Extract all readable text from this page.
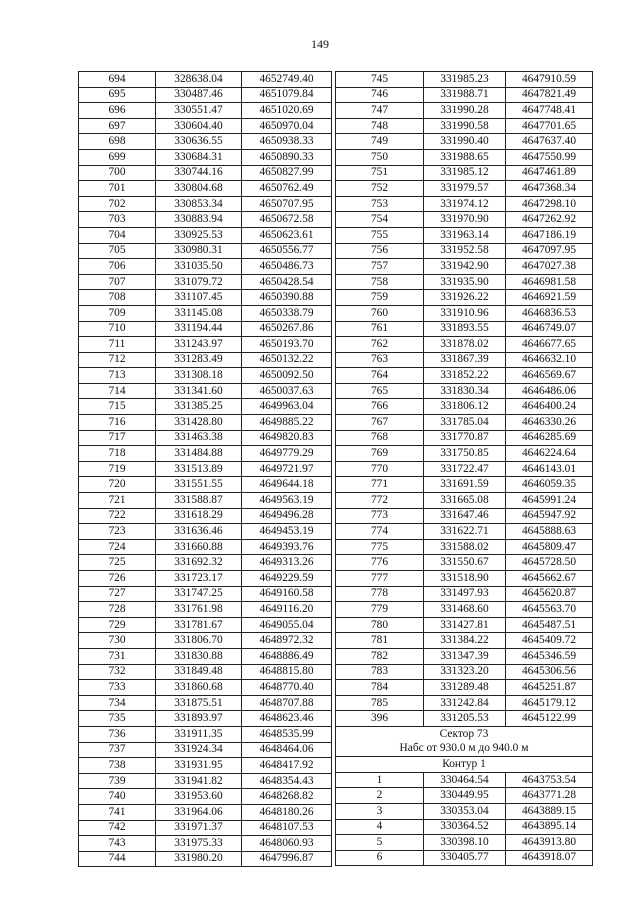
149
694	328638.04	4652749.40
695	330487.46	4651079.84
696	330551.47	4651020.69
697	330604.40	4650970.04
698	330636.55	4650938.33
699	330684.31	4650890.33
700	330744.16	4650827.99
701	330804.68	4650762.49
702	330853.34	4650707.95
703	330883.94	4650672.58
704	330925.53	4650623.61
705	330980.31	4650556.77
706	331035.50	4650486.73
707	331079.72	4650428.54
708	331107.45	4650390.88
709	331145.08	4650338.79
710	331194.44	4650267.86
711	331243.97	4650193.70
712	331283.49	4650132.22
713	331308.18	4650092.50
714	331341.60	4650037.63
715	331385.25	4649963.04
716	331428.80	4649885.22
717	331463.38	4649820.83
718	331484.88	4649779.29
719	331513.89	4649721.97
720	331551.55	4649644.18
721	331588.87	4649563.19
722	331618.29	4649496.28
723	331636.46	4649453.19
724	331660.88	4649393.76
725	331692.32	4649313.26
726	331723.17	4649229.59
727	331747.25	4649160.58
728	331761.98	4649116.20
729	331781.67	4649055.04
730	331806.70	4648972.32
731	331830.88	4648886.49
732	331849.48	4648815.80
733	331860.68	4648770.40
734	331875.51	4648707.88
735	331893.97	4648623.46
736	331911.35	4648535.99
737	331924.34	4648464.06
738	331931.95	4648417.92
739	331941.82	4648354.43
740	331953.60	4648268.82
741	331964.06	4648180.26
742	331971.37	4648107.53
743	331975.33	4648060.93
744	331980.20	4647996.87
745	331985.23	4647910.59
746	331988.71	4647821.49
747	331990.28	4647748.41
748	331990.58	4647701.65
749	331990.40	4647637.40
750	331988.65	4647550.99
751	331985.12	4647461.89
752	331979.57	4647368.34
753	331974.12	4647298.10
754	331970.90	4647262.92
755	331963.14	4647186.19
756	331952.58	4647097.95
757	331942.90	4647027.38
758	331935.90	4646981.58
759	331926.22	4646921.59
760	331910.96	4646836.53
761	331893.55	4646749.07
762	331878.02	4646677.65
763	331867.39	4646632.10
764	331852.22	4646569.67
765	331830.34	4646486.06
766	331806.12	4646400.24
767	331785.04	4646330.26
768	331770.87	4646285.69
769	331750.85	4646224.64
770	331722.47	4646143.01
771	331691.59	4646059.35
772	331665.08	4645991.24
773	331647.46	4645947.92
774	331622.71	4645888.63
775	331588.02	4645809.47
776	331550.67	4645728.50
777	331518.90	4645662.67
778	331497.93	4645620.87
779	331468.60	4645563.70
780	331427.81	4645487.51
781	331384.22	4645409.72
782	331347.39	4645346.59
783	331323.20	4645306.56
784	331289.48	4645251.87
785	331242.84	4645179.12
396	331205.53	4645122.99
Сектор 73		
Набс от 930.0 м до 940.0 м		
Контур 1		
1	330464.54	4643753.54
2	330449.95	4643771.28
3	330353.04	4643889.15
4	330364.52	4643895.14
5	330398.10	4643913.80
6	330405.77	4643918.07
